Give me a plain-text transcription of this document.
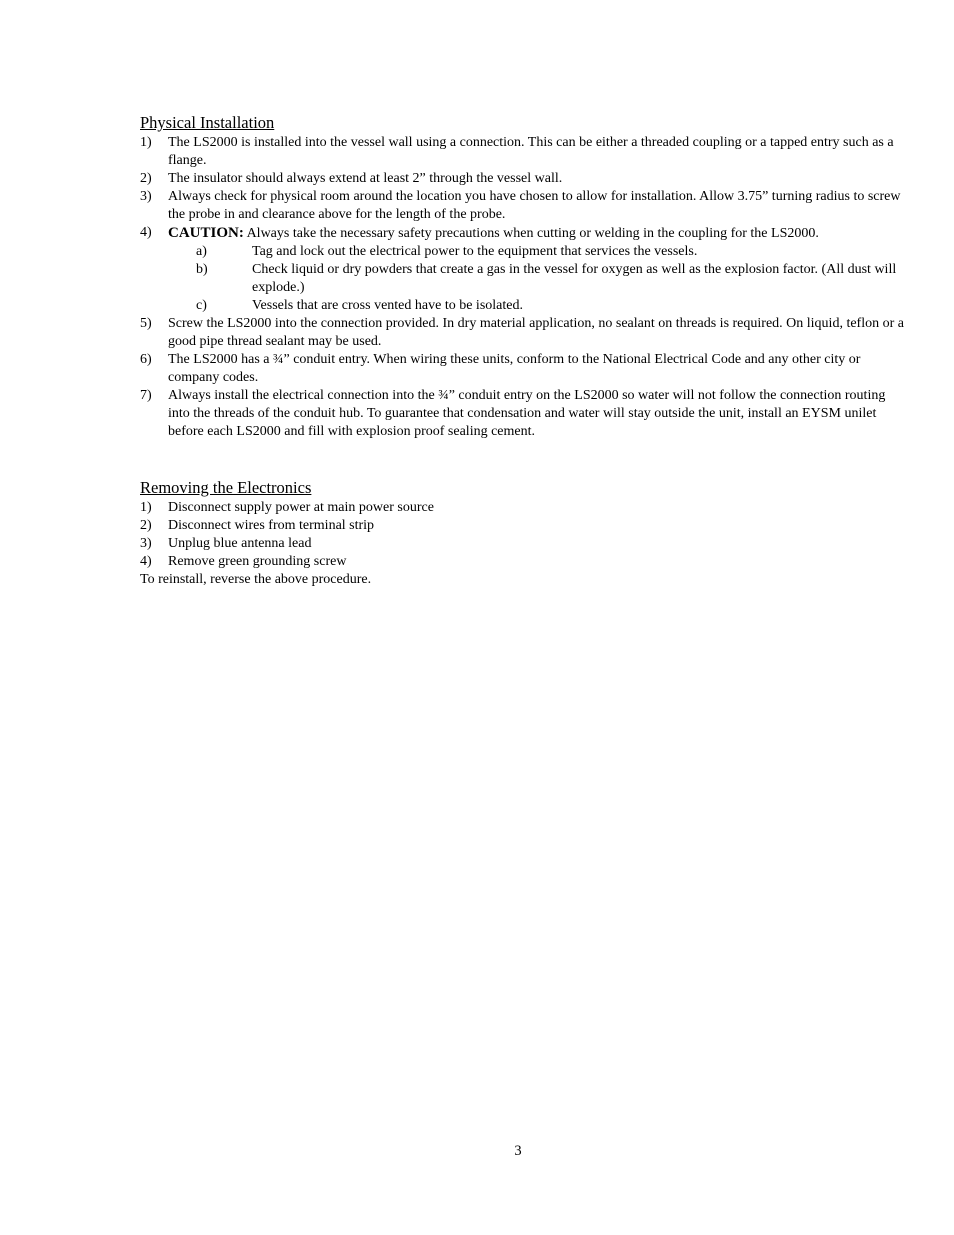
Physical Installation
1) The LS2000 is installed into the vessel wall using a connection. This can be either a threaded coupling or a tapped entry such as a flange.
2) The insulator should always extend at least 2” through the vessel wall.
3) Always check for physical room around the location you have chosen to allow for installation. Allow 3.75” turning radius to screw the probe in and clearance above for the length of the probe.
4) CAUTION: Always take the necessary safety precautions when cutting or welding in the coupling for the LS2000.
a)	Tag and lock out the electrical power to the equipment that services the vessels.
b)	Check liquid or dry powders that create a gas in the vessel for oxygen as well as the explosion factor. (All dust will explode.)
c)	Vessels that are cross vented have to be isolated.
5) Screw the LS2000 into the connection provided. In dry material application, no sealant on threads is required. On liquid, teflon or a good pipe thread sealant may be used.
6) The LS2000 has a ¾” conduit entry. When wiring these units, conform to the National Electrical Code and any other city or company codes.
7) Always install the electrical connection into the ¾” conduit entry on the LS2000 so water will not follow the connection routing into the threads of the conduit hub. To guarantee that condensation and water will stay outside the unit, install an EYSM unilet before each LS2000 and fill with explosion proof sealing cement.
Removing the Electronics
1) Disconnect supply power at main power source
2) Disconnect wires from terminal strip
3) Unplug blue antenna lead
4) Remove green grounding screw

To reinstall, reverse the above procedure.

3
